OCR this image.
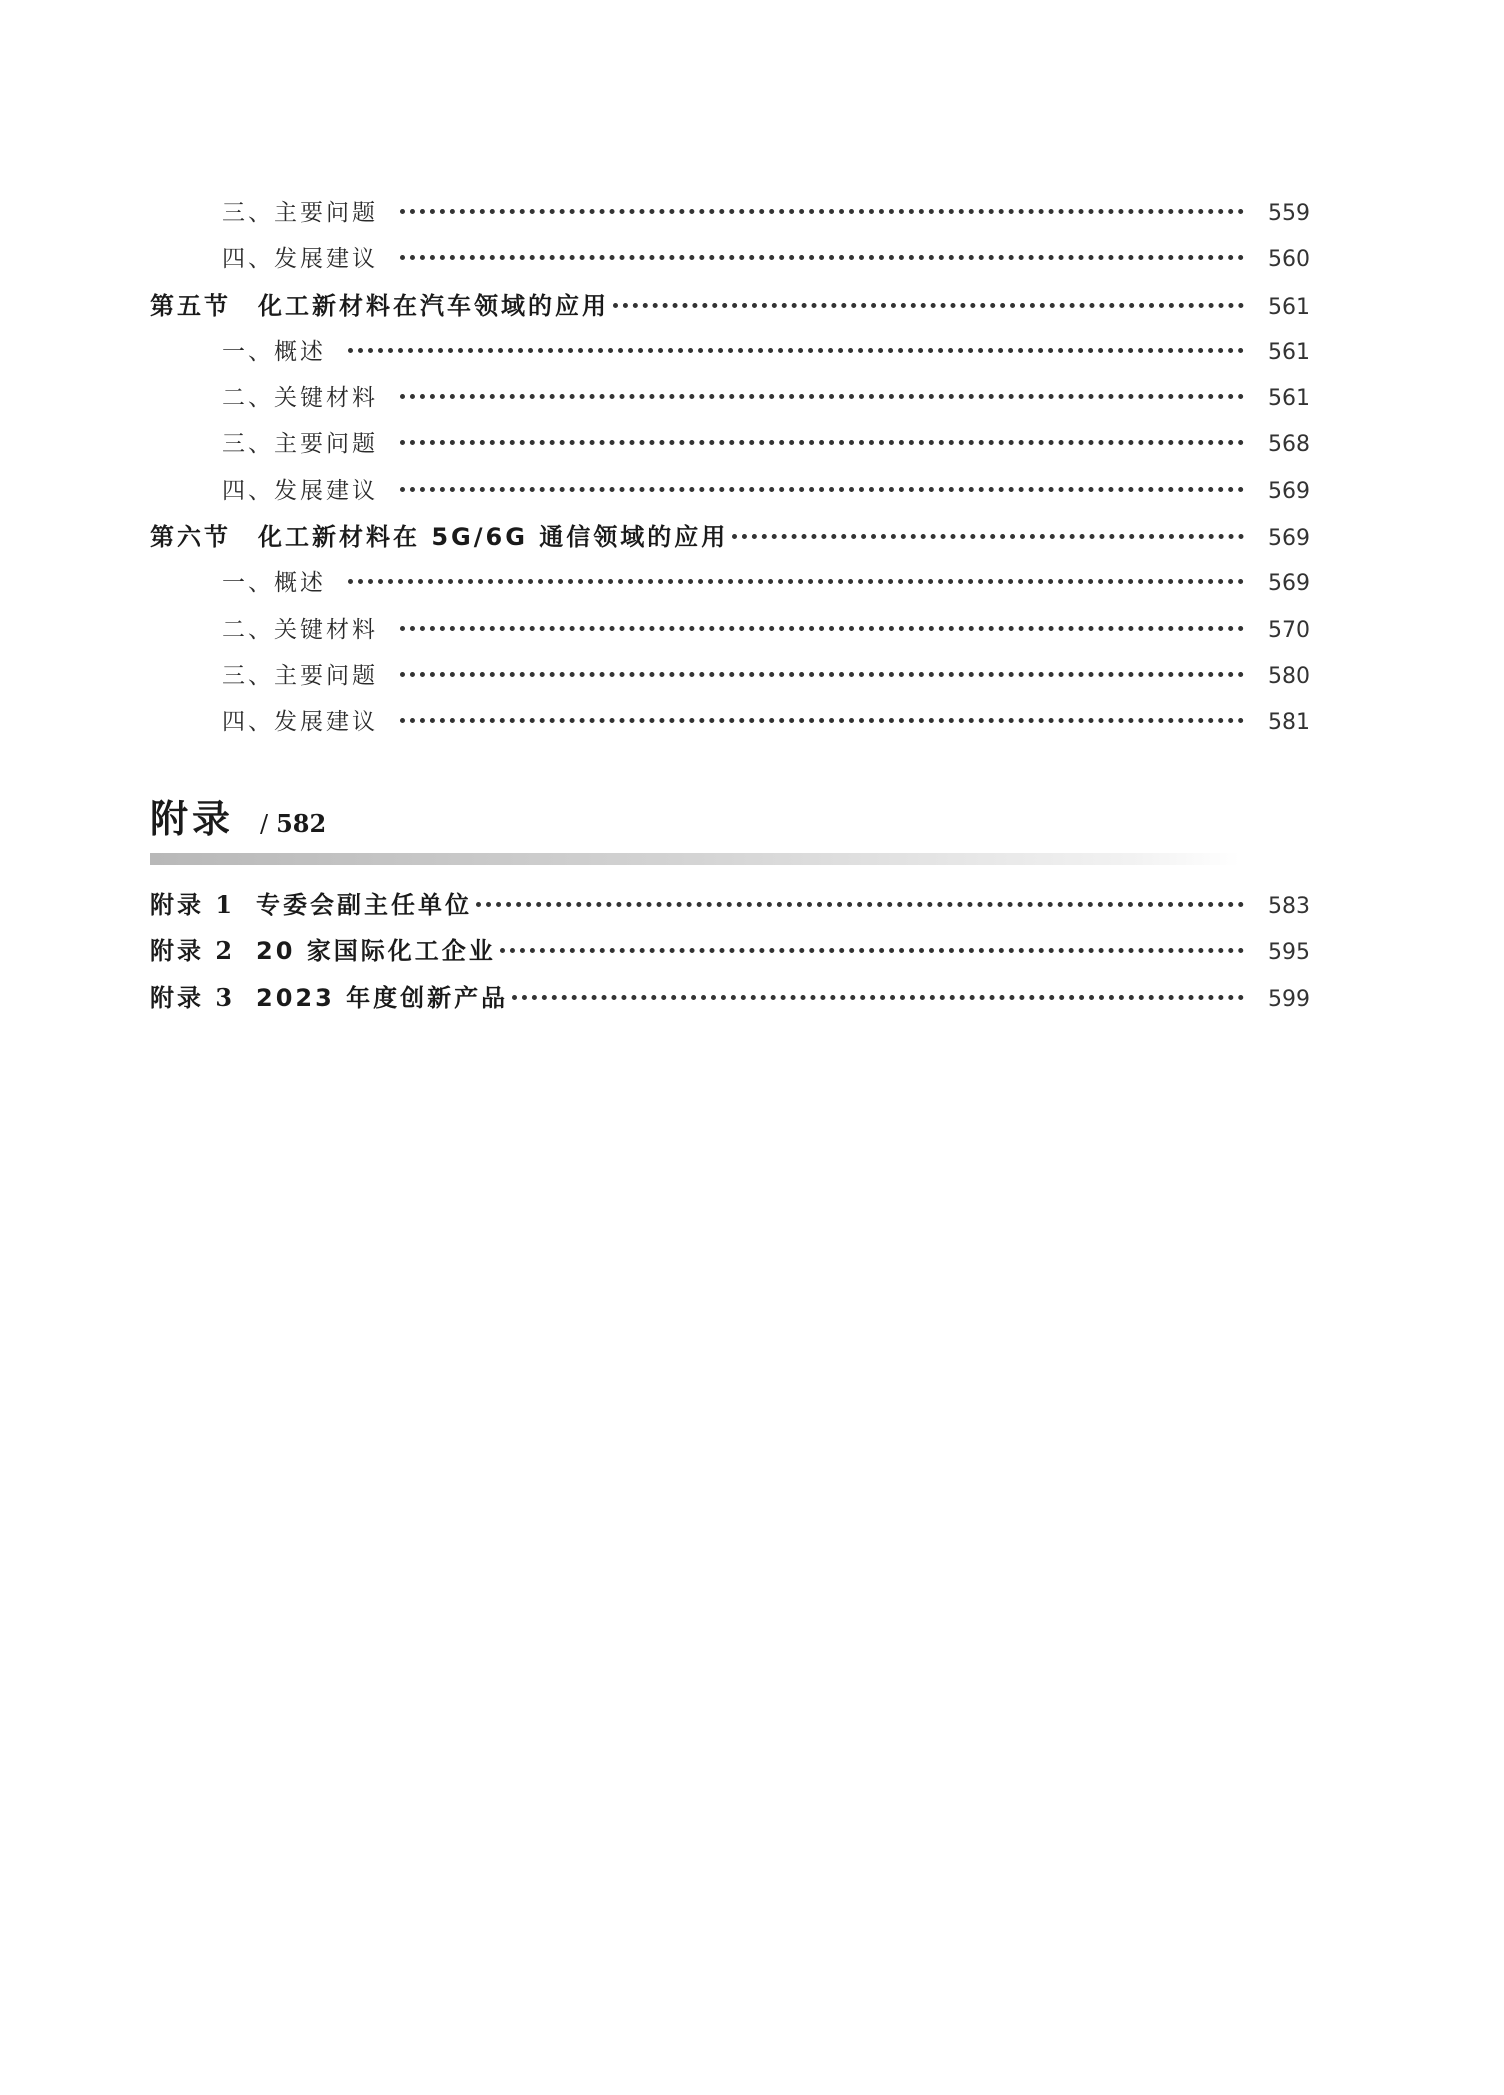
三、主要问题	559
四、发展建议	560
第五节 化工新材料在汽车领域的应用	561
一、概述	561
二、关键材料	561
三、主要问题	568
四、发展建议	569
第六节 化工新材料在 5G/6G 通信领域的应用	569
一、概述	569
二、关键材料	570
三、主要问题	580
四、发展建议	581
附录 / 582
附录 1 专委会副主任单位	583
附录 2 20 家国际化工企业	595
附录 3 2023 年度创新产品	599
